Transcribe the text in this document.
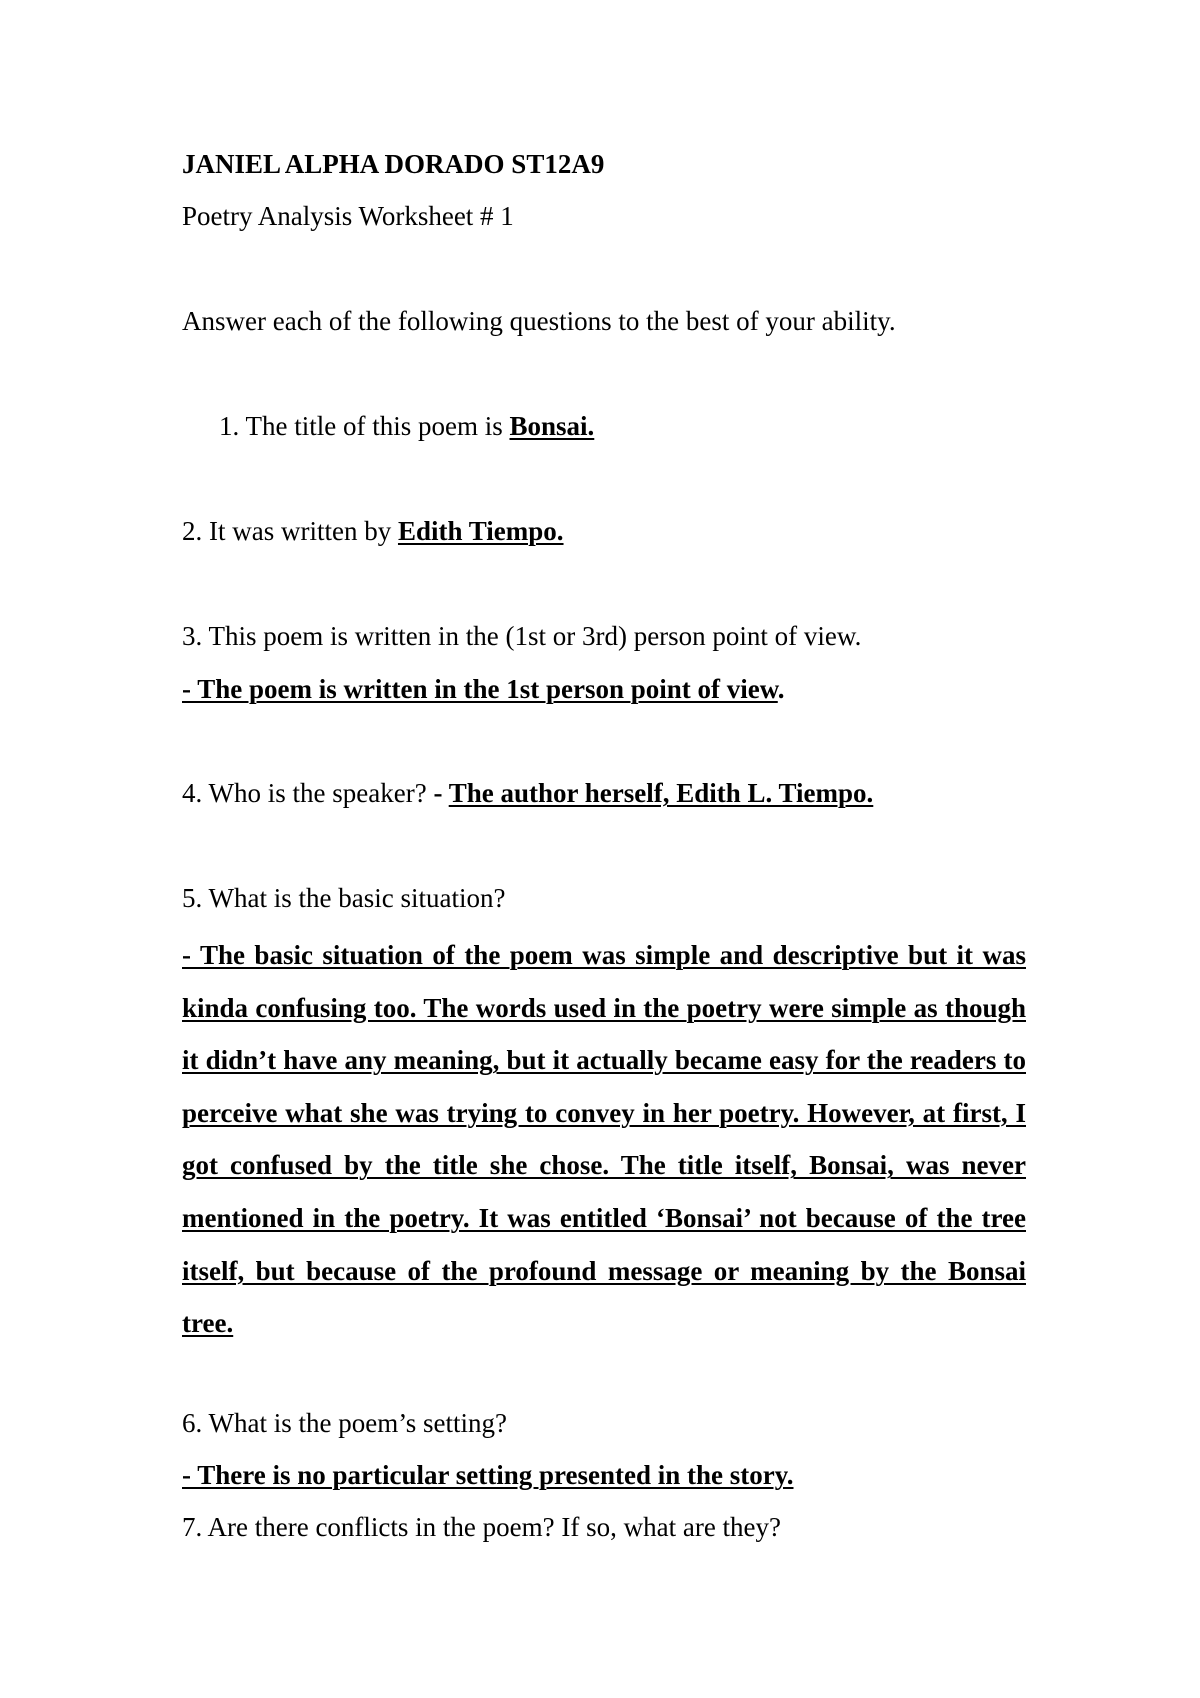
JANIEL ALPHA DORADO ST12A9
Poetry Analysis Worksheet # 1
Answer each of the following questions to the best of your ability.
1. The title of this poem is Bonsai.
2. It was written by Edith Tiempo.
3. This poem is written in the (1st or 3rd) person point of view.
- The poem is written in the 1st person point of view.
4. Who is the speaker? - The author herself, Edith L. Tiempo.
5. What is the basic situation?
- The basic situation of the poem was simple and descriptive but it was kinda confusing too. The words used in the poetry were simple as though it didn’t have any meaning, but it actually became easy for the readers to perceive what she was trying to convey in her poetry. However, at first, I got confused by the title she chose. The title itself, Bonsai, was never mentioned in the poetry. It was entitled ‘Bonsai’ not because of the tree itself, but because of the profound message or meaning by the Bonsai tree.
6. What is the poem’s setting?
- There is no particular setting presented in the story.
7. Are there conflicts in the poem? If so, what are they?
